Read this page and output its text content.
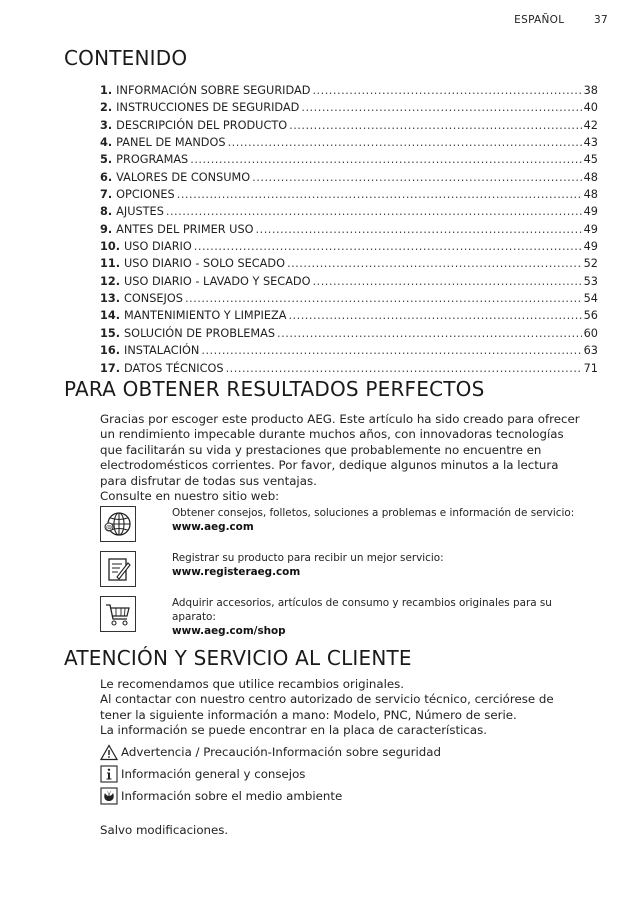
ESPAÑOL	37
CONTENIDO
1. INFORMACIÓN SOBRE SEGURIDAD .....	38
2. INSTRUCCIONES DE SEGURIDAD .....	40
3. DESCRIPCIÓN DEL PRODUCTO .....	42
4. PANEL DE MANDOS .....	43
5. PROGRAMAS .....	45
6. VALORES DE CONSUMO .....	48
7. OPCIONES .....	48
8. AJUSTES .....	49
9. ANTES DEL PRIMER USO .....	49
10. USO DIARIO .....	49
11. USO DIARIO - SOLO SECADO .....	52
12. USO DIARIO - LAVADO Y SECADO .....	53
13. CONSEJOS .....	54
14. MANTENIMIENTO Y LIMPIEZA .....	56
15. SOLUCIÓN DE PROBLEMAS .....	60
16. INSTALACIÓN .....	63
17. DATOS TÉCNICOS .....	71
PARA OBTENER RESULTADOS PERFECTOS
Gracias por escoger este producto AEG. Este artículo ha sido creado para ofrecer
un rendimiento impecable durante muchos años, con innovadoras tecnologías
que facilitarán su vida y prestaciones que probablemente no encuentre en
electrodomésticos corrientes. Por favor, dedique algunos minutos a la lectura
para disfrutar de todas sus ventajas.
Consulte en nuestro sitio web:
@
Obtener consejos, folletos, soluciones a problemas e información de servicio:
www.aeg.com
Registrar su producto para recibir un mejor servicio:
www.registeraeg.com
Adquirir accesorios, artículos de consumo y recambios originales para su
aparato:
www.aeg.com/shop
ATENCIÓN Y SERVICIO AL CLIENTE
Le recomendamos que utilice recambios originales.
Al contactar con nuestro centro autorizado de servicio técnico, cerciórese de
tener la siguiente información a mano: Modelo, PNC, Número de serie.
La información se puede encontrar en la placa de características.
Advertencia / Precaución-Información sobre seguridad
Información general y consejos
Información sobre el medio ambiente
Salvo modificaciones.
